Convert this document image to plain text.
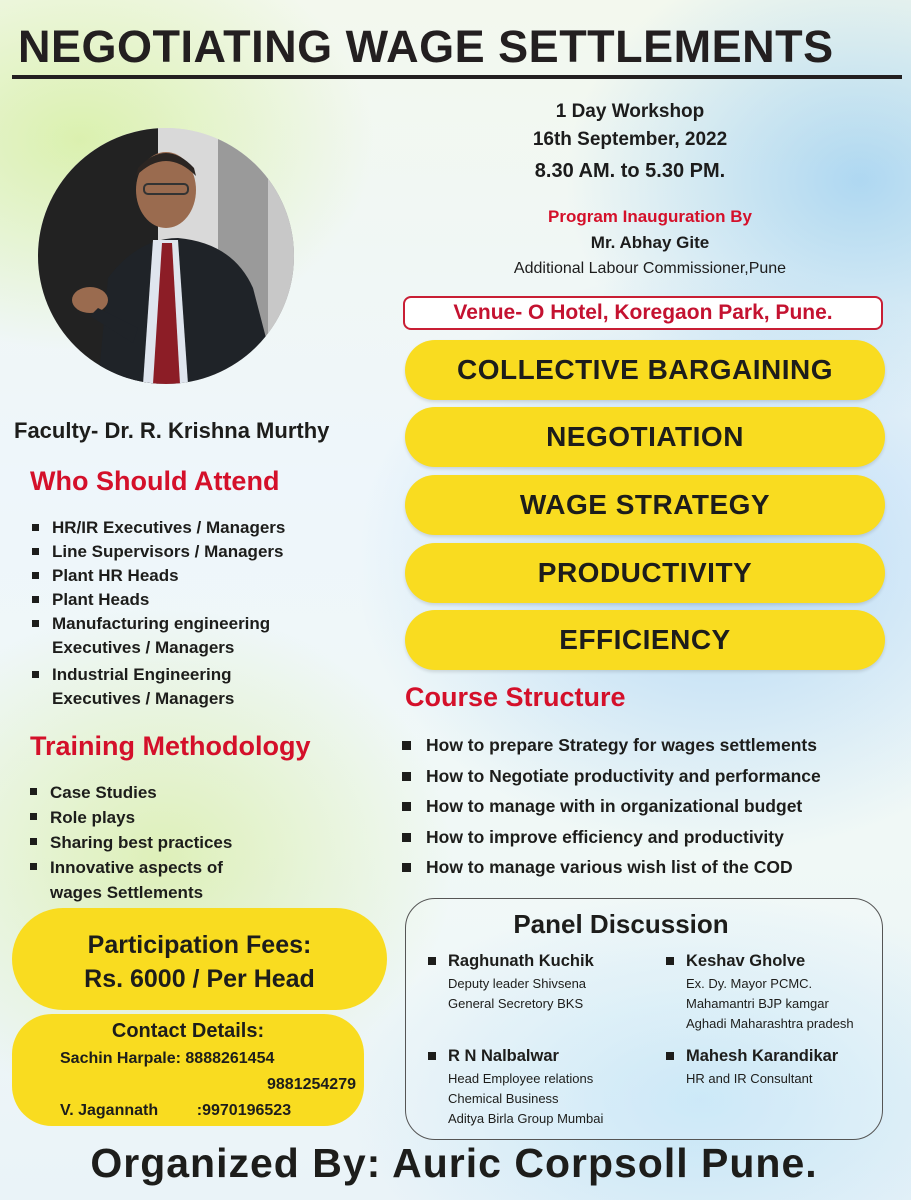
NEGOTIATING WAGE SETTLEMENTS
1 Day Workshop
16th September, 2022
8.30 AM. to 5.30 PM.
Program Inauguration By
Mr. Abhay Gite
Additional Labour Commissioner,Pune
Venue- O Hotel, Koregaon Park, Pune.
COLLECTIVE BARGAINING
NEGOTIATION
WAGE STRATEGY
PRODUCTIVITY
EFFICIENCY
Faculty- Dr. R. Krishna Murthy
Who Should Attend
HR/IR Executives / Managers
Line Supervisors / Managers
Plant HR Heads
Plant Heads
Manufacturing engineering
Executives / Managers
Industrial Engineering
Executives / Managers	Course Structure
How to prepare Strategy for wages settlements
How to Negotiate productivity and performance
How to manage with in organizational budget
How to improve efficiency and productivity
How to manage various wish list of the COD
Training Methodology
Case Studies
Role plays
Sharing best practices
Innovative aspects of
wages Settlements
Participation Fees:
Rs. 6000 / Per Head
Contact Details:
Sachin Harpale: 8888261454
9881254279
V. Jagannath :9970196523
Panel Discussion
Raghunath Kuchik
Deputy leader Shivsena
General Secretory BKS
Keshav Gholve
Ex. Dy. Mayor PCMC.
Mahamantri BJP kamgar
Aghadi Maharashtra pradesh
R N Nalbalwar
Head Employee relations
Chemical Business
Aditya Birla Group Mumbai
Mahesh Karandikar
HR and IR Consultant
Organized By: Auric Corpsoll Pune.
